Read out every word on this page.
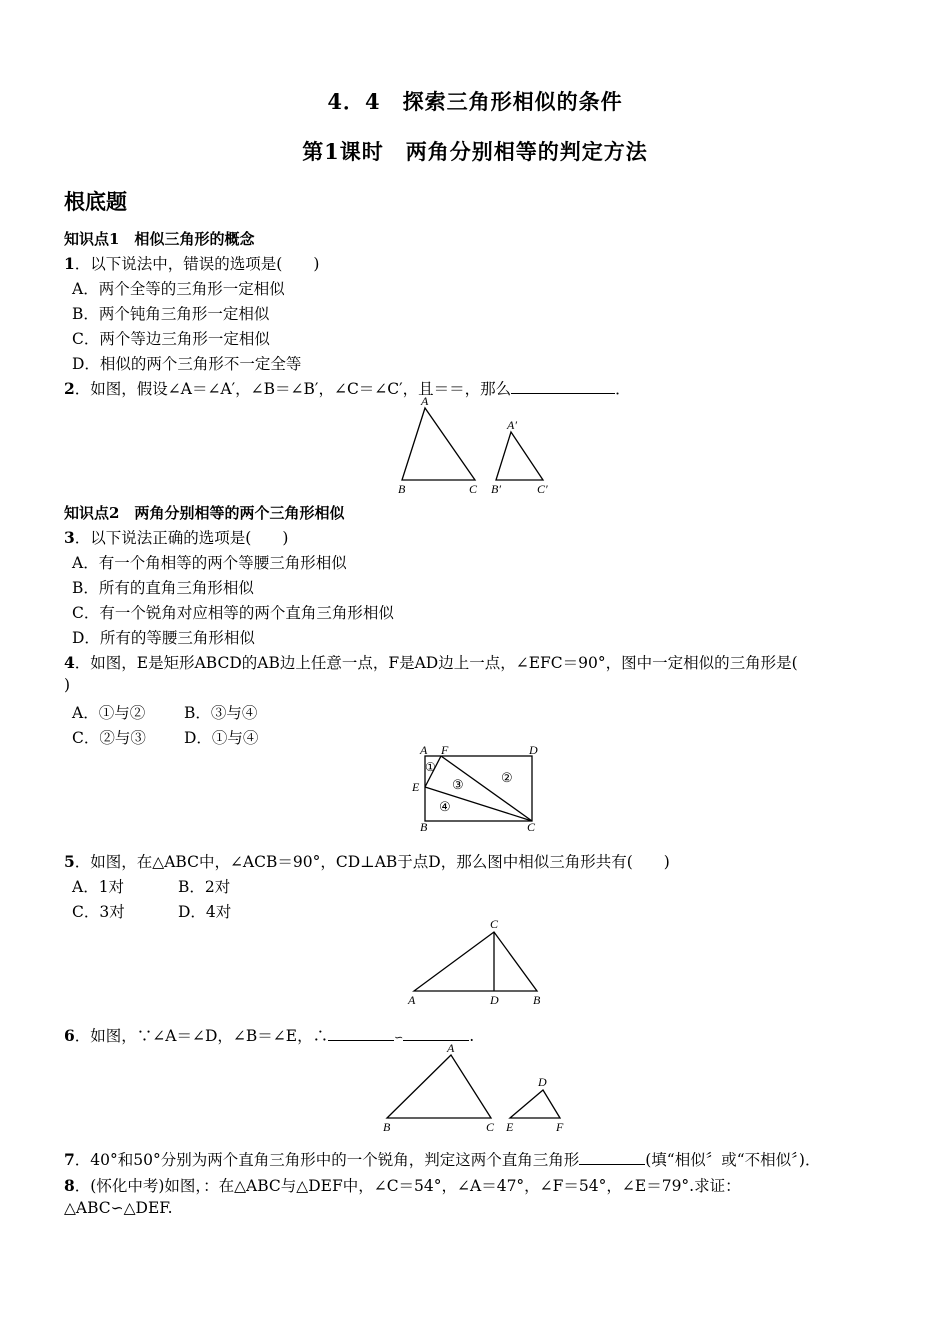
4．4　探索三角形相似的条件
第1课时　两角分别相等的判定方法
根底题
知识点1　相似三角形的概念
1．以下说法中，错误的选项是(　　)
A．两个全等的三角形一定相似
B．两个钝角三角形一定相似
C．两个等边三角形一定相似
D．相似的两个三角形不一定全等
2．如图，假设∠A＝∠A′，∠B＝∠B′，∠C＝∠C′，且＝＝，那么	．
A
B	C
A′
B′	C′
知识点2　两角分别相等的两个三角形相似
3．以下说法正确的选项是(　　)
A．有一个角相等的两个等腰三角形相似
B．所有的直角三角形相似
C．有一个锐角对应相等的两个直角三角形相似
D．所有的等腰三角形相似
4．如图，E是矩形ABCD的AB边上任意一点，F是AD边上一点，∠EFC＝90°，图中一定相似的三角形是(
)
A．①与②	B．③与④
C．②与③ D．①与④
A F	D
E
B	C
①
②
③
④
5．如图，在△ABC中，∠ACB＝90°，CD⊥AB于点D，那么图中相似三角形共有(　　)
A．1对	B．2对
C．3对	D．4对
C
A	D	B
6．如图，∵∠A＝∠D，∠B＝∠E，∴	∽	.
A
B	C
D
E	F
7．40°和50°分别为两个直角三角形中的一个锐角，判定这两个直角三角形	(填“相似〞或“不相似〞)．
8．(怀化中考)如图，：在△ABC与△DEF中，∠C＝54°，∠A＝47°，∠F＝54°，∠E＝79°.求证：
△ABC∽△DEF.
